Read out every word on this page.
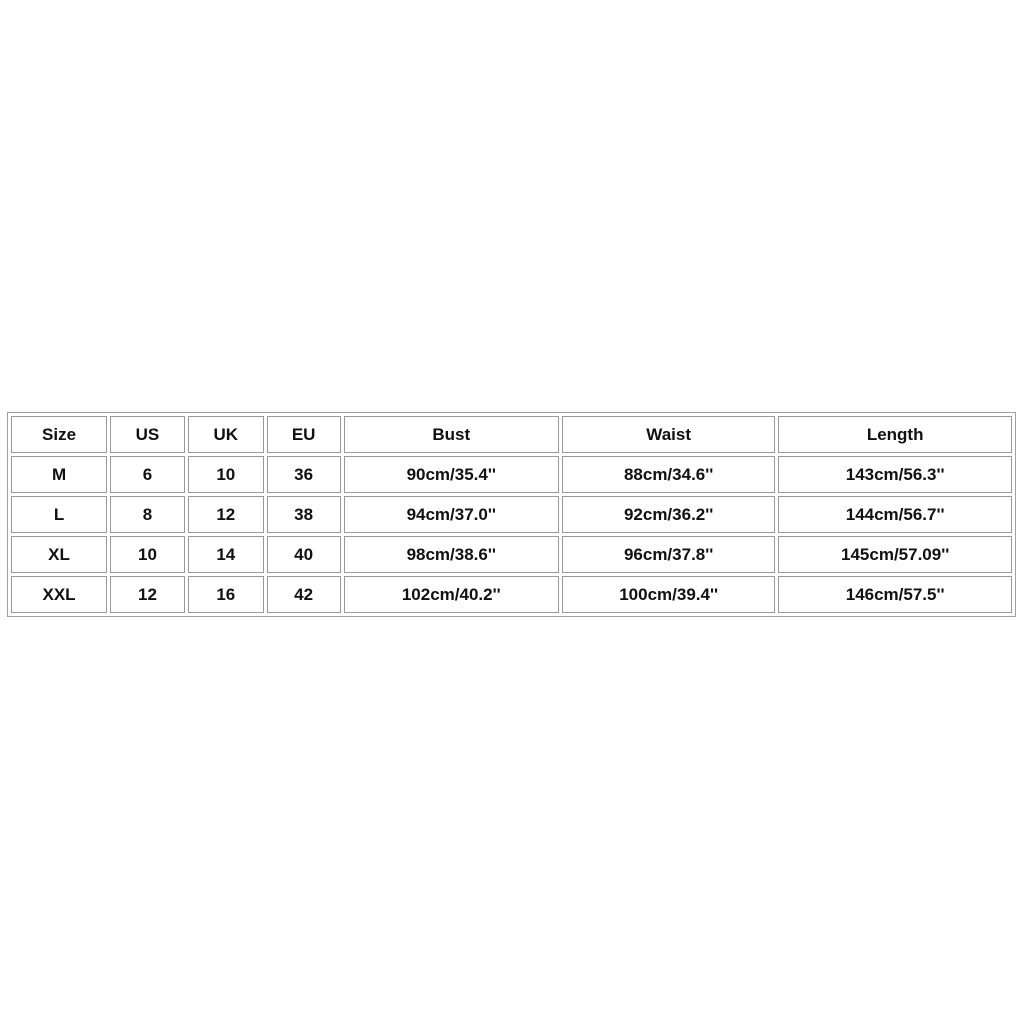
Size	US	UK	EU	Bust	Waist	Length
M	6	10	36	90cm/35.4''	88cm/34.6''	143cm/56.3''
L	8	12	38	94cm/37.0''	92cm/36.2''	144cm/56.7''
XL	10	14	40	98cm/38.6''	96cm/37.8''	145cm/57.09''
XXL	12	16	42	102cm/40.2''	100cm/39.4''	146cm/57.5''
